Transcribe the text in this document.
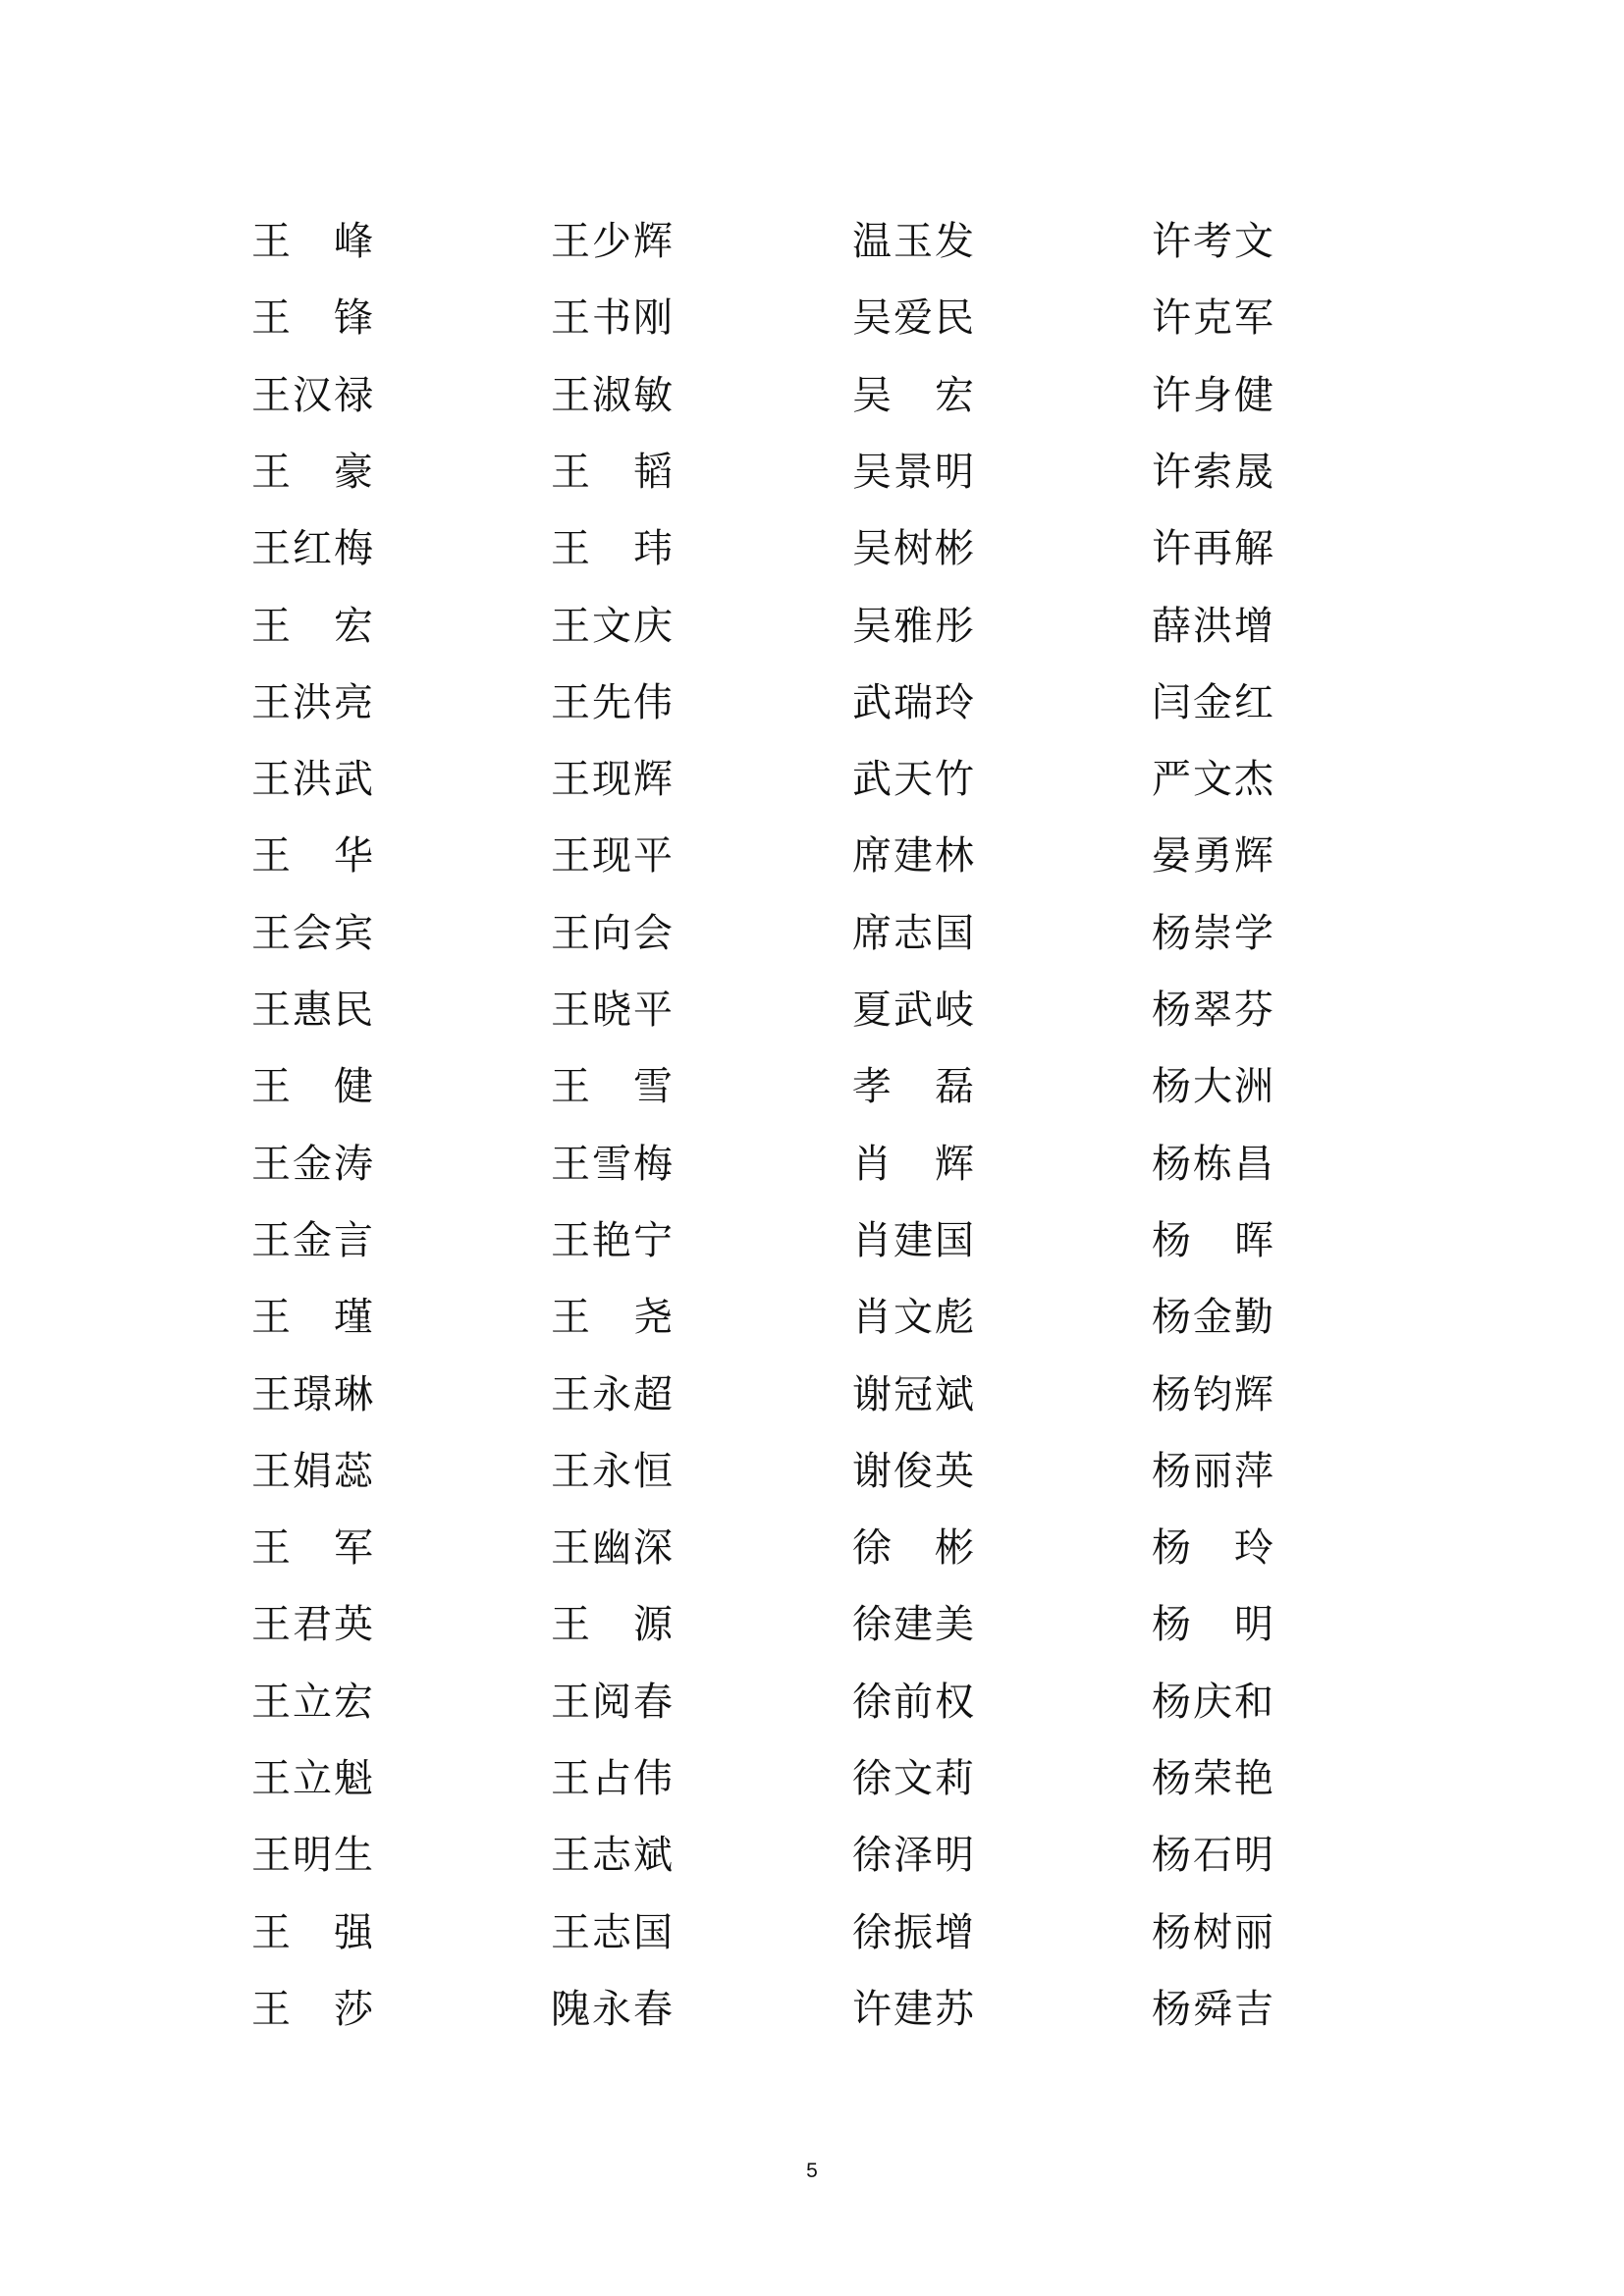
王
峰
王
锋
王 汉 禄
王
豪
王 红 梅
王
宏
王 洪 亮
王 洪 武
王
华
王 会 宾
王 惠 民
王
健
王 金 涛
王 金 言
王
瑾
王 璟 琳
王 娟 蕊
王
军
王 君 英
王 立 宏
王 立 魁
王 明 生
王
强
王
莎
王 少 辉
王 书 刚
王 淑 敏
王
韬
王
玮
王 文 庆
王 先 伟
王 现 辉
王 现 平
王 向 会
王 晓 平
王
雪
王 雪 梅
王 艳 宁
王
尧
王 永 超
王 永 恒
王 幽 深
王
源
王 阅 春
王 占 伟
王 志 斌
王 志 国
隗 永 春
温 玉 发
吴 爱 民
吴
宏
吴 景 明
吴 树 彬
吴 雅 彤
武 瑞 玲
武 天 竹
席 建 林
席 志 国
夏 武 岐
孝
磊
肖
辉
肖 建 国
肖 文 彪
谢 冠 斌
谢 俊 英
徐
彬
徐 建 美
徐 前 权
徐 文 莉
徐 泽 明
徐 振 增
许 建 苏
许 考 文
许 克 军
许 身 健
许 索 晟
许 再 解
薛 洪 增
闫 金 红
严 文 杰
晏 勇 辉
杨 崇 学
杨 翠 芬
杨 大 洲
杨 栋 昌
杨
晖
杨 金 勤
杨 钧 辉
杨 丽 萍
杨
玲
杨
明
杨 庆 和
杨 荣 艳
杨 石 明
杨 树 丽
杨 舜 吉
5
